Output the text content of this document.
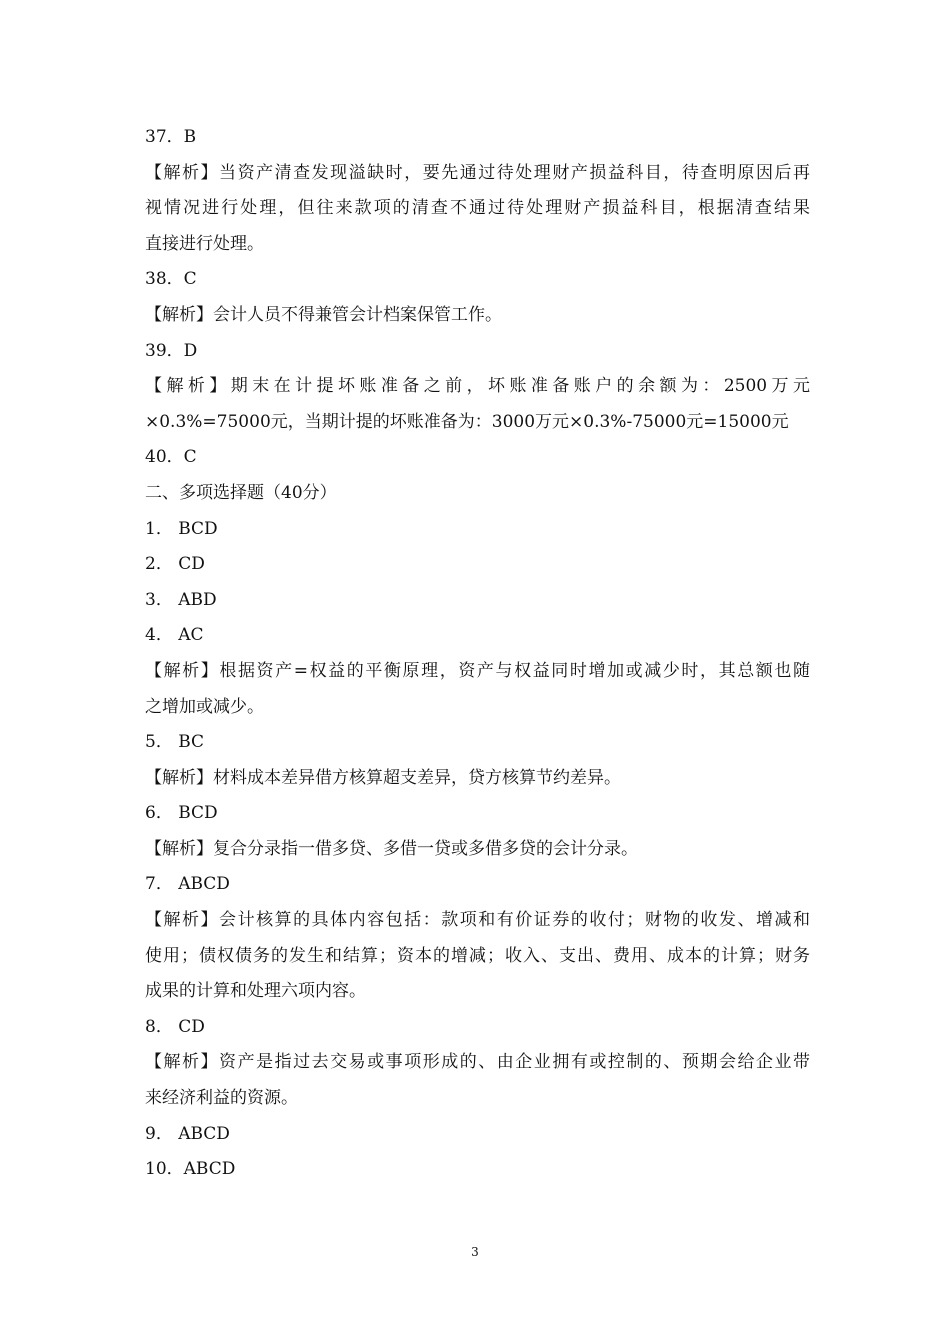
37．B
【解析】当资产清查发现溢缺时，要先通过待处理财产损益科目，待查明原因后再
视情况进行处理，但往来款项的清查不通过待处理财产损益科目，根据清查结果
直接进行处理。
38．C
【解析】会计人员不得兼管会计档案保管工作。
39．D
【解析】期末在计提坏账准备之前，坏账准备账户的余额为：2500万元
×0.3%=75000元，当期计提的坏账准备为：3000万元×0.3%-75000元=15000元
40．C
二、多项选择题（40分）
1． BCD
2． CD
3． ABD
4． AC
【解析】根据资产=权益的平衡原理，资产与权益同时增加或减少时，其总额也随
之增加或减少。
5． BC
【解析】材料成本差异借方核算超支差异，贷方核算节约差异。
6． BCD
【解析】复合分录指一借多贷、多借一贷或多借多贷的会计分录。
7． ABCD
【解析】会计核算的具体内容包括：款项和有价证券的收付；财物的收发、增减和
使用；债权债务的发生和结算；资本的增减；收入、支出、费用、成本的计算；财务
成果的计算和处理六项内容。
8． CD
【解析】资产是指过去交易或事项形成的、由企业拥有或控制的、预期会给企业带
来经济利益的资源。
9． ABCD
10．ABCD
3
